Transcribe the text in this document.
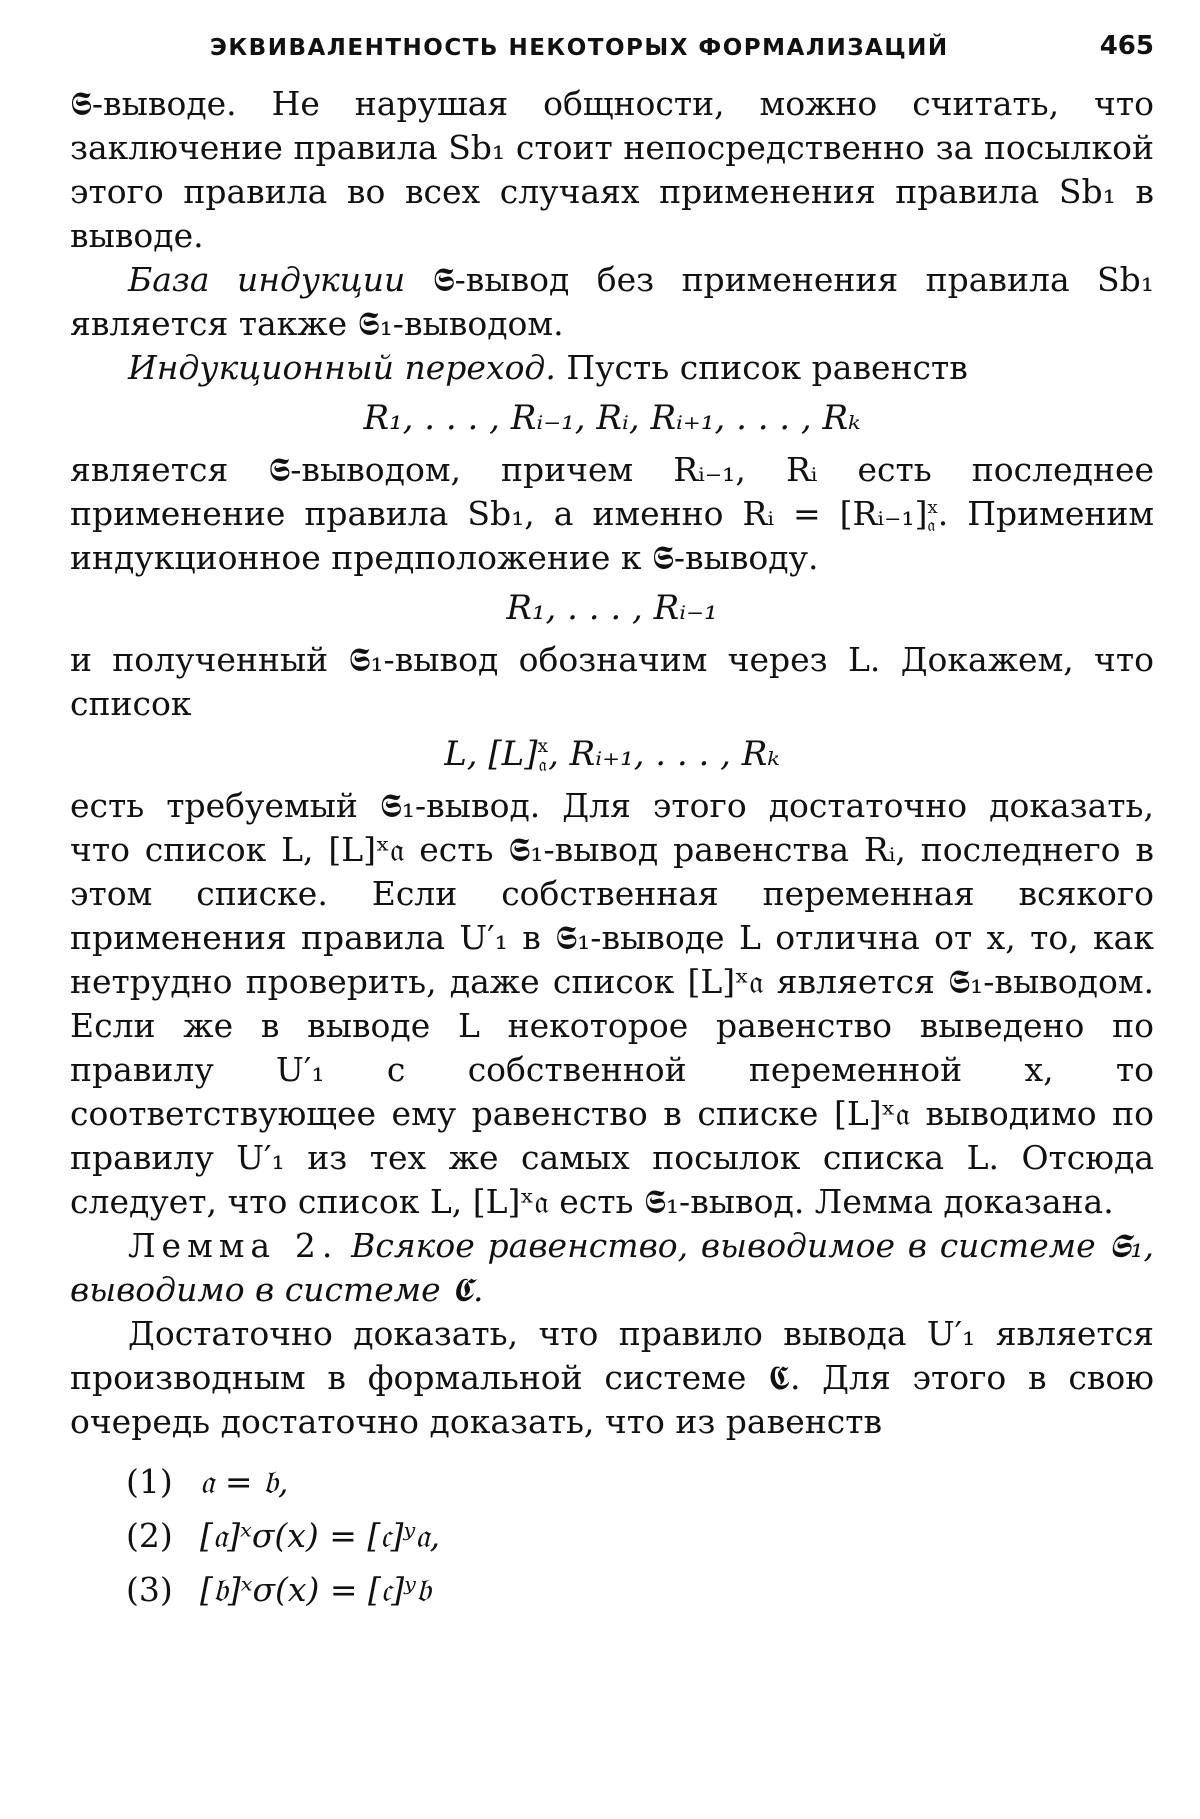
ЭКВИВАЛЕНТНОСТЬ НЕКОТОРЫХ ФОРМАЛИЗАЦИЙ	465

𝕾-выводе. Не нарушая общности, можно считать, что заключение правила Sb₁ стоит непосредственно за посылкой этого правила во всех случаях применения правила Sb₁ в выводе.

База индукции 𝕾-вывод без применения правила Sb₁ является также 𝕾₁-выводом.

Индукционный переход. Пусть список равенств

R₁, . . . , Rᵢ₋₁, Rᵢ, Rᵢ₊₁, . . . , Rₖ

является 𝕾-выводом, причем Rᵢ₋₁, Rᵢ есть последнее применение правила Sb₁, а именно Rᵢ = [Rᵢ₋₁] x
𝔞 . Применим индукционное предположение к 𝕾-выводу.

R₁, . . . , Rᵢ₋₁

и полученный 𝕾₁-вывод обозначим через L. Докажем, что список

L, [L] x
𝔞 , Rᵢ₊₁, . . . , Rₖ

есть требуемый 𝕾₁-вывод. Для этого достаточно доказать, что список L, [L]ˣ𝔞 есть 𝕾₁-вывод равенства Rᵢ, последнего в этом списке. Если собственная переменная всякого применения правила U′₁ в 𝕾₁-выводе L отлична от x, то, как нетрудно проверить, даже список [L]ˣ𝔞 является 𝕾₁-выводом. Если же в выводе L некоторое равенство выведено по правилу U′₁ с собственной переменной x, то соответствующее ему равенство в списке [L]ˣ𝔞 выводимо по правилу U′₁ из тех же самых посылок списка L. Отсюда следует, что список L, [L]ˣ𝔞 есть 𝕾₁-вывод. Лемма доказана.

Лемма 2. Всякое равенство, выводимое в системе 𝕾₁, выводимо в системе 𝕮.

Достаточно доказать, что правило вывода U′₁ является производным в формальной системе 𝕮. Для этого в свою очередь достаточно доказать, что из равенств

(1) 𝔞 = 𝔟,
(2) [𝔞]ˣσ(x) = [𝔠]ʸ𝔞,
(3) [𝔟]ˣσ(x) = [𝔠]ʸ𝔟
